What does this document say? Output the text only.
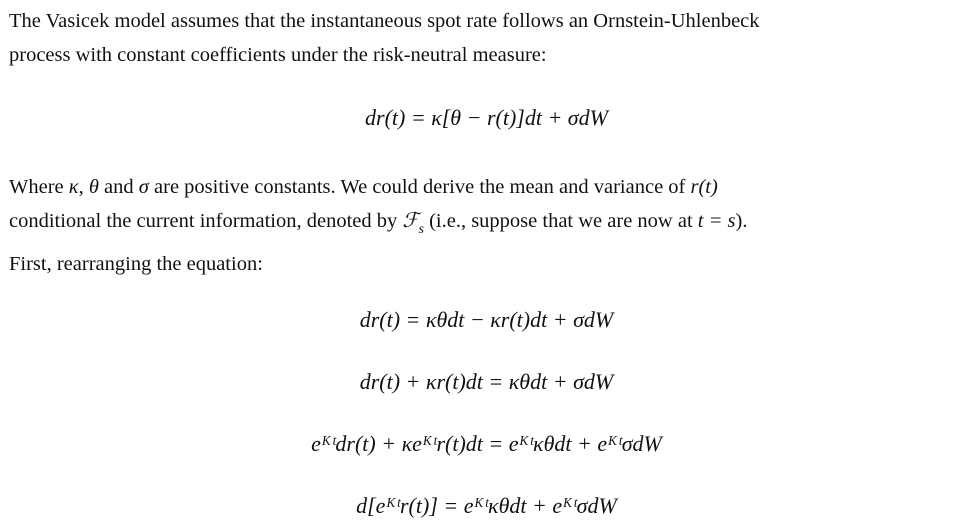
The Vasicek model assumes that the instantaneous spot rate follows an Ornstein-Uhlenbeck
process with constant coefficients under the risk-neutral measure:

dr(t) = κ[θ − r(t)]dt + σdW

Where κ, θ and σ are positive constants. We could derive the mean and variance of r(t)
conditional the current information, denoted by ℱ$_s$ (i.e., suppose that we are now at t = s).
First, rearranging the equation:

dr(t) = κθdt − κr(t)dt + σdW
dr(t) + κr(t)dt = κθdt + σdW
eᴷᵗdr(t) + κeᴷᵗr(t)dt = eᴷᵗκθdt + eᴷᵗσdW
d[eᴷᵗr(t)] = eᴷᵗκθdt + eᴷᵗσdW
